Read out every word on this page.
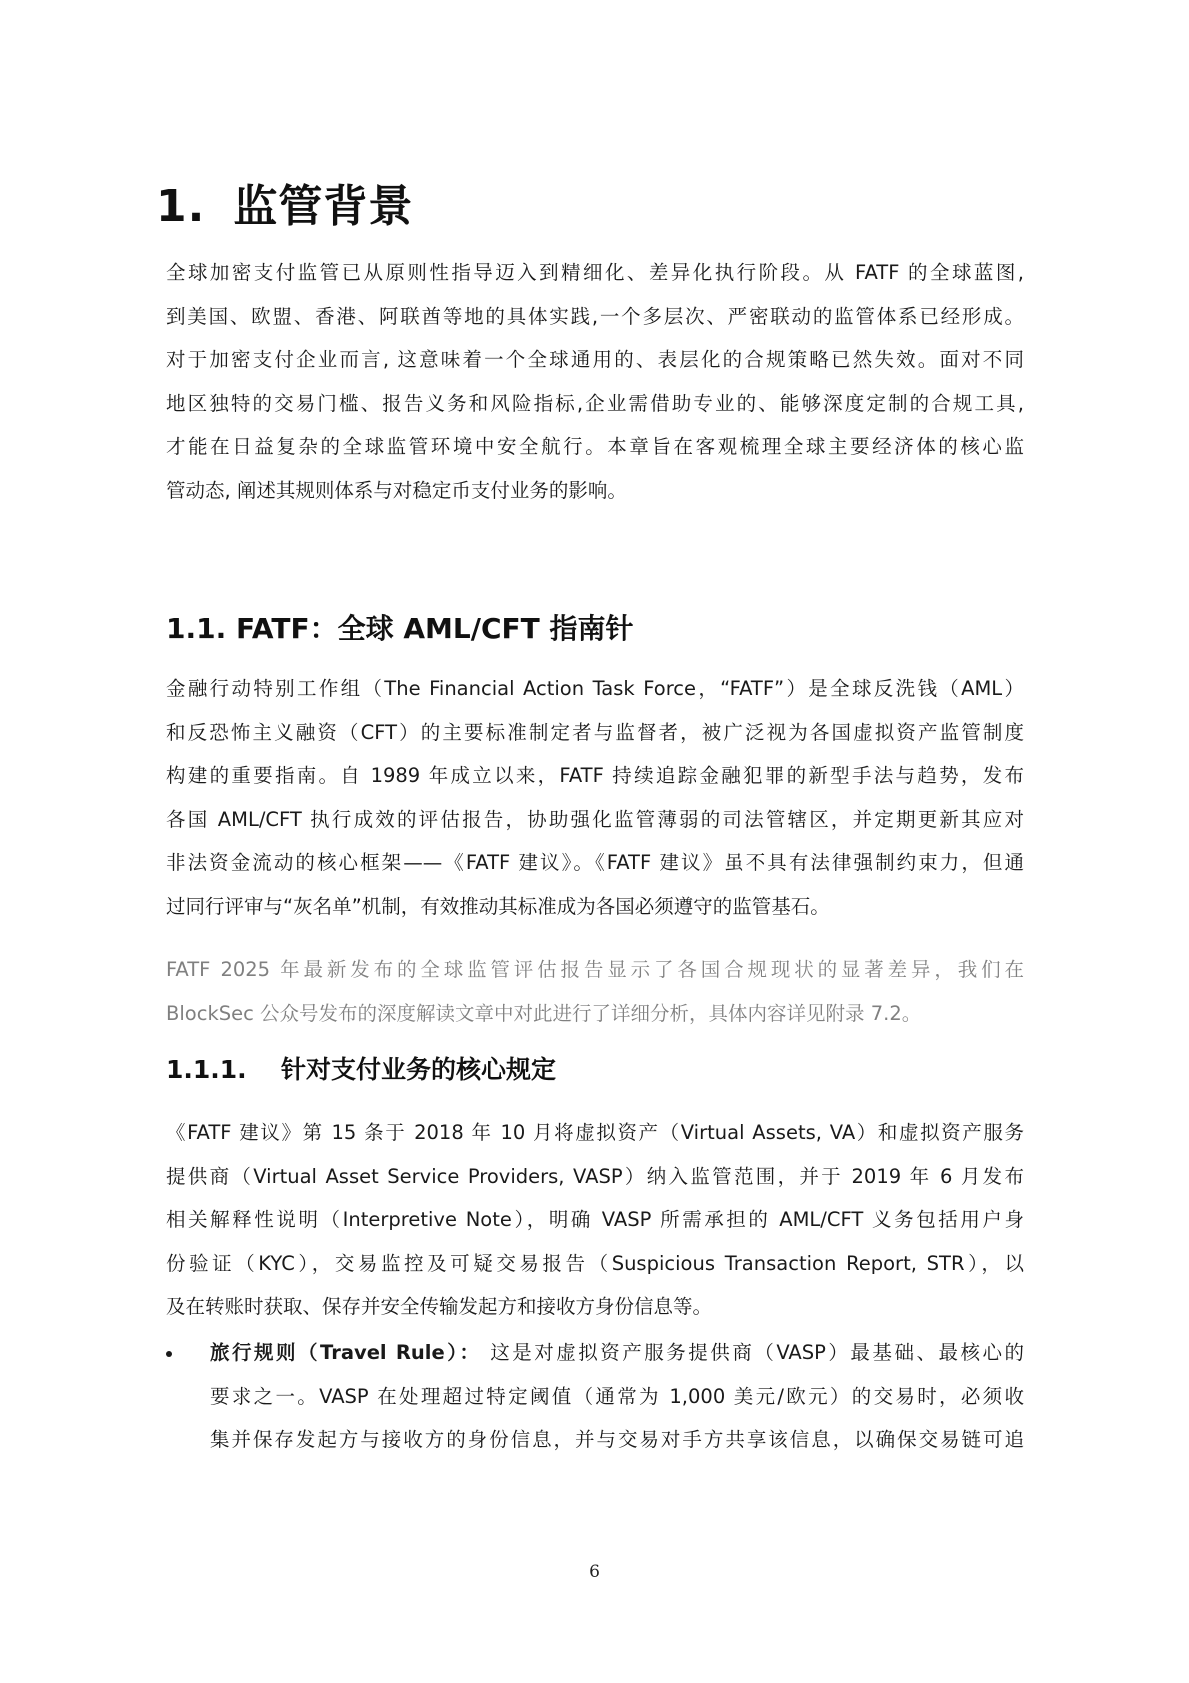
1. 监管背景
全球加密支付监管已从原则性指导迈入到精细化、差异化执行阶段。从 FATF 的全球蓝图,
到美国、欧盟、香港、阿联酋等地的具体实践,一个多层次、严密联动的监管体系已经形成。
对于加密支付企业而言, 这意味着一个全球通用的、表层化的合规策略已然失效。面对不同
地区独特的交易门槛、报告义务和风险指标,企业需借助专业的、能够深度定制的合规工具,
才能在日益复杂的全球监管环境中安全航行。本章旨在客观梳理全球主要经济体的核心监
管动态, 阐述其规则体系与对稳定币支付业务的影响。
1.1. FATF：全球 AML/CFT 指南针
金融行动特别工作组（The Financial Action Task Force，“FATF”）是全球反洗钱（AML）
和反恐怖主义融资（CFT）的主要标准制定者与监督者，被广泛视为各国虚拟资产监管制度
构建的重要指南。自 1989 年成立以来，FATF 持续追踪金融犯罪的新型手法与趋势，发布
各国 AML/CFT 执行成效的评估报告，协助强化监管薄弱的司法管辖区，并定期更新其应对
非法资金流动的核心框架——《FATF 建议》。《FATF 建议》虽不具有法律强制约束力，但通
过同行评审与“灰名单”机制，有效推动其标准成为各国必须遵守的监管基石。
FATF 2025 年最新发布的全球监管评估报告显示了各国合规现状的显著差异，我们在
BlockSec 公众号发布的深度解读文章中对此进行了详细分析，具体内容详见附录 7.2。
1.1.1. 针对支付业务的核心规定
《FATF 建议》第 15 条于 2018 年 10 月将虚拟资产（Virtual Assets, VA）和虚拟资产服务
提供商（Virtual Asset Service Providers, VASP）纳入监管范围，并于 2019 年 6 月发布
相关解释性说明（Interpretive Note），明确 VASP 所需承担的 AML/CFT 义务包括用户身
份验证（KYC），交易监控及可疑交易报告（Suspicious Transaction Report, STR），以
及在转账时获取、保存并安全传输发起方和接收方身份信息等。
旅行规则（Travel Rule）： 这是对虚拟资产服务提供商（VASP）最基础、最核心的
要求之一。VASP 在处理超过特定阈值（通常为 1,000 美元/欧元）的交易时，必须收
集并保存发起方与接收方的身份信息，并与交易对手方共享该信息，以确保交易链可追
6
